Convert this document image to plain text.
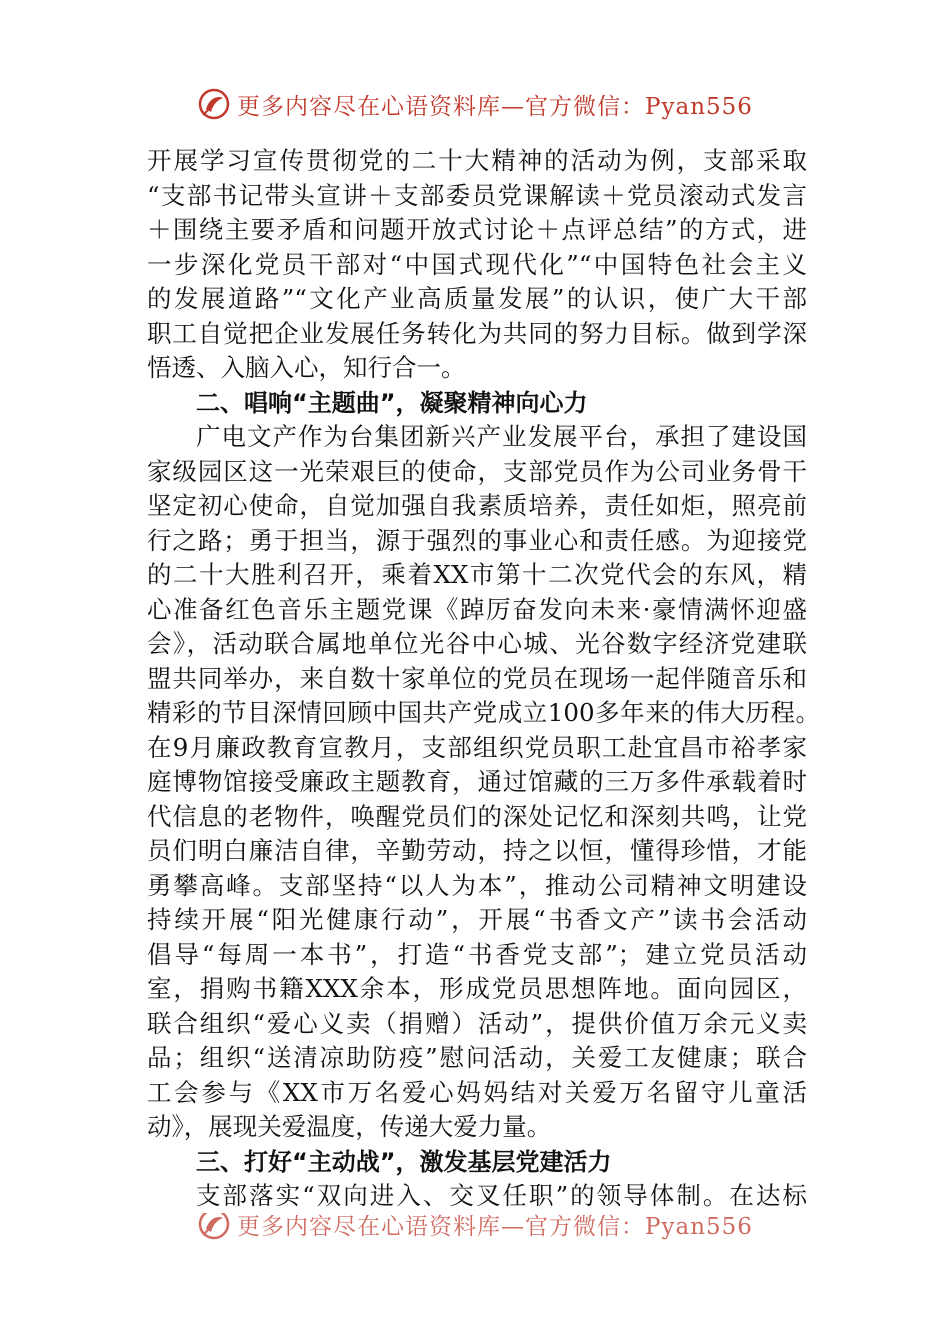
更多内容尽在心语资料库—官方微信：Pyan556
开展学习宣传贯彻党的二十大精神的活动为例，支部采取
“支部书记带头宣讲＋支部委员党课解读＋党员滚动式发言
＋围绕主要矛盾和问题开放式讨论＋点评总结”的方式，进
一步深化党员干部对“中国式现代化”“中国特色社会主义
的发展道路”“文化产业高质量发展”的认识，使广大干部
职工自觉把企业发展任务转化为共同的努力目标。做到学深
悟透、入脑入心，知行合一。
二、唱响“主题曲”，凝聚精神向心力
广电文产作为台集团新兴产业发展平台，承担了建设国
家级园区这一光荣艰巨的使命，支部党员作为公司业务骨干
坚定初心使命，自觉加强自我素质培养，责任如炬，照亮前
行之路；勇于担当，源于强烈的事业心和责任感。为迎接党
的二十大胜利召开，乘着XX市第十二次党代会的东风，精
心准备红色音乐主题党课《踔厉奋发向未来·豪情满怀迎盛
会》，活动联合属地单位光谷中心城、光谷数字经济党建联
盟共同举办，来自数十家单位的党员在现场一起伴随音乐和
精彩的节目深情回顾中国共产党成立100多年来的伟大历程。
在9月廉政教育宣教月，支部组织党员职工赴宜昌市裕孝家
庭博物馆接受廉政主题教育，通过馆藏的三万多件承载着时
代信息的老物件，唤醒党员们的深处记忆和深刻共鸣，让党
员们明白廉洁自律，辛勤劳动，持之以恒，懂得珍惜，才能
勇攀高峰。支部坚持“以人为本”，推动公司精神文明建设
持续开展“阳光健康行动”，开展“书香文产”读书会活动
倡导“每周一本书”，打造“书香党支部”；建立党员活动
室，捐购书籍XXX余本，形成党员思想阵地。面向园区，
联合组织“爱心义卖（捐赠）活动”，提供价值万余元义卖
品；组织“送清凉助防疫”慰问活动，关爱工友健康；联合
工会参与《XX市万名爱心妈妈结对关爱万名留守儿童活
动》，展现关爱温度，传递大爱力量。
三、打好“主动战”，激发基层党建活力
支部落实“双向进入、交叉任职”的领导体制。在达标
更多内容尽在心语资料库—官方微信：Pyan556
